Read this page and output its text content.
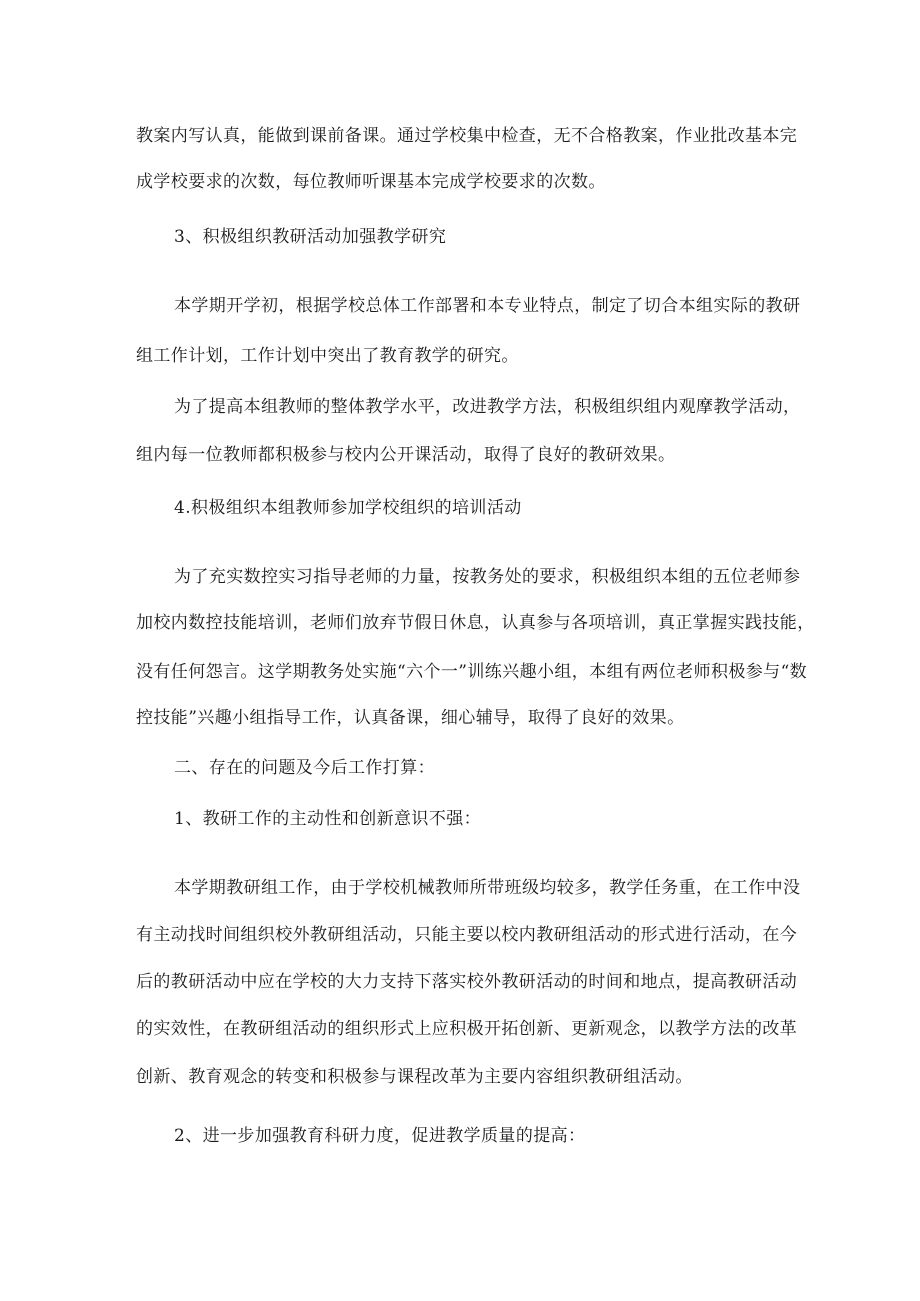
教案内写认真，能做到课前备课。通过学校集中检查，无不合格教案，作业批改基本完
成学校要求的次数，每位教师听课基本完成学校要求的次数。
3、积极组织教研活动加强教学研究
本学期开学初，根据学校总体工作部署和本专业特点，制定了切合本组实际的教研
组工作计划，工作计划中突出了教育教学的研究。
为了提高本组教师的整体教学水平，改进教学方法，积极组织组内观摩教学活动，
组内每一位教师都积极参与校内公开课活动，取得了良好的教研效果。
4.积极组织本组教师参加学校组织的培训活动
为了充实数控实习指导老师的力量，按教务处的要求，积极组织本组的五位老师参
加校内数控技能培训，老师们放弃节假日休息，认真参与各项培训，真正掌握实践技能，
没有任何怨言。这学期教务处实施“六个一”训练兴趣小组，本组有两位老师积极参与“数
控技能”兴趣小组指导工作，认真备课，细心辅导，取得了良好的效果。
二、存在的问题及今后工作打算：
1、教研工作的主动性和创新意识不强：
本学期教研组工作，由于学校机械教师所带班级均较多，教学任务重，在工作中没
有主动找时间组织校外教研组活动，只能主要以校内教研组活动的形式进行活动，在今
后的教研活动中应在学校的大力支持下落实校外教研活动的时间和地点，提高教研活动
的实效性，在教研组活动的组织形式上应积极开拓创新、更新观念，以教学方法的改革
创新、教育观念的转变和积极参与课程改革为主要内容组织教研组活动。
2、进一步加强教育科研力度，促进教学质量的提高：
